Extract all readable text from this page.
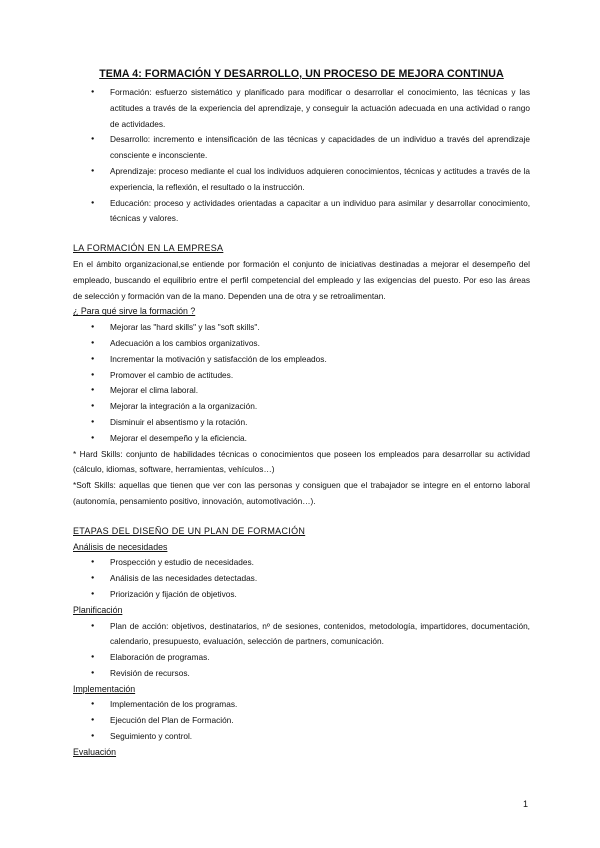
TEMA 4: FORMACIÓN Y DESARROLLO, UN PROCESO DE MEJORA CONTINUA
● Formación: esfuerzo sistemático y planificado para modificar o desarrollar el conocimiento, las técnicas y las actitudes a través de la experiencia del aprendizaje, y conseguir la actuación adecuada en una actividad o rango de actividades.
● Desarrollo: incremento e intensificación de las técnicas y capacidades de un individuo a través del aprendizaje consciente e inconsciente.
● Aprendizaje: proceso mediante el cual los individuos adquieren conocimientos, técnicas y actitudes a través de la experiencia, la reflexión, el resultado o la instrucción.
● Educación: proceso y actividades orientadas a capacitar a un individuo para asimilar y desarrollar conocimiento, técnicas y valores.
LA FORMACIÓN EN LA EMPRESA

En el ámbito organizacional,se entiende por formación el conjunto de iniciativas destinadas a mejorar el desempeño del empleado, buscando el equilibrio entre el perfil competencial del empleado y las exigencias del puesto. Por eso las áreas de selección y formación van de la mano. Dependen una de otra y se retroalimentan.

¿ Para qué sirve la formación ?
● Mejorar las "hard skills" y las "soft skills".
● Adecuación a los cambios organizativos.
● Incrementar la motivación y satisfacción de los empleados.
● Promover el cambio de actitudes.
● Mejorar el clima laboral.
● Mejorar la integración a la organización.
● Disminuir el absentismo y la rotación.
● Mejorar el desempeño y la eficiencia.

* Hard Skills: conjunto de habilidades técnicas o conocimientos que poseen los empleados para desarrollar su actividad (cálculo, idiomas, software, herramientas, vehículos…)

*Soft Skills: aquellas que tienen que ver con las personas y consiguen que el trabajador se integre en el entorno laboral (autonomía, pensamiento positivo, innovación, automotivación…).

ETAPAS DEL DISEÑO DE UN PLAN DE FORMACIÓN
Análisis de necesidades
● Prospección y estudio de necesidades.
● Análisis de las necesidades detectadas.
● Priorización y fijación de objetivos.
Planificación
● Plan de acción: objetivos, destinatarios, nº de sesiones, contenidos, metodología, impartidores, documentación, calendario, presupuesto, evaluación, selección de partners, comunicación.
● Elaboración de programas.
● Revisión de recursos.
Implementación
● Implementación de los programas.
● Ejecución del Plan de Formación.
● Seguimiento y control.
Evaluación
1
